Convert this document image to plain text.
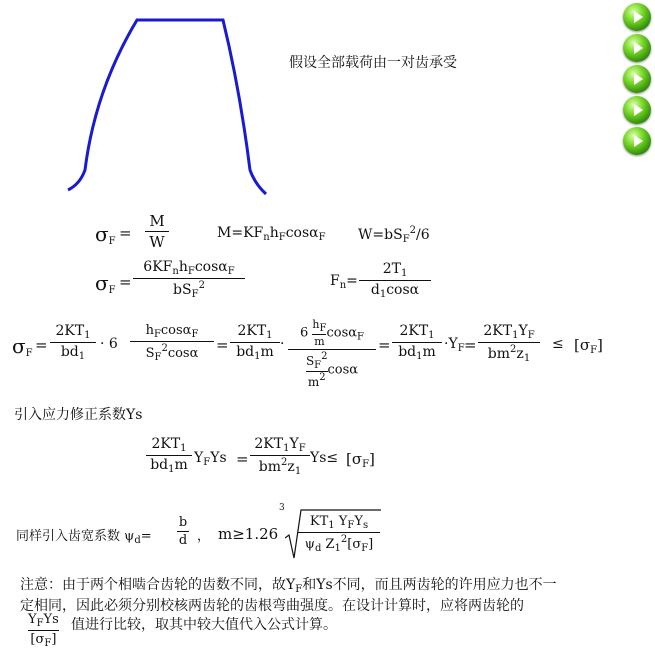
假设全部载荷由一对齿承受
$\sigma_F$ =
M
W	$M=KF_nh_F\cos\alpha_F$ $W=bS_F^2/6$
$\sigma_F$ =
$6KF_nh_F\cos\alpha_F$
$bS_F^2$	$F_n=$
$2T_1$
$d_1\cos\alpha$
$\sigma_F$ =
$2KT_1$
$bd_1$
· 6
$h_F\cos\alpha_F$
$S_F^2\cos\alpha$	=
$2KT_1$
$bd_1m$ ·
$6 \frac{hF}{m} \cos\alpha_F$
$\frac{S_F^2}{m^2}$ cosα
=
$2KT_1$
$bd_1m \cdot Y_F$ =
$2KT_1Y_F$
$bm^2z_1$
≤ $[\sigma_F]$
引入应力修正系数Ys
$2KT_1$
$bd_1m$ $Y_FYs$ =
$2KT_1Y_F$
$bm^2z_1$
$Ys\le [\sigma_F]$
同样引入齿宽系数 $\psi_d=$
b
d ， m≥1.26
3
$KT_1$ $Y_FY_s$
$\psi_d$ $Z_1^2[\sigma_F]$
注意：由于两个相啮合齿轮的齿数不同，故$Y_F$和Ys不同，而且两齿轮的许用应力也不一
定相同，因此必须分别校核两齿轮的齿根弯曲强度。在设计计算时，应将两齿轮的
$Y_FYs$
$[\sigma_F]$
值进行比较，取其中较大值代入公式计算。
